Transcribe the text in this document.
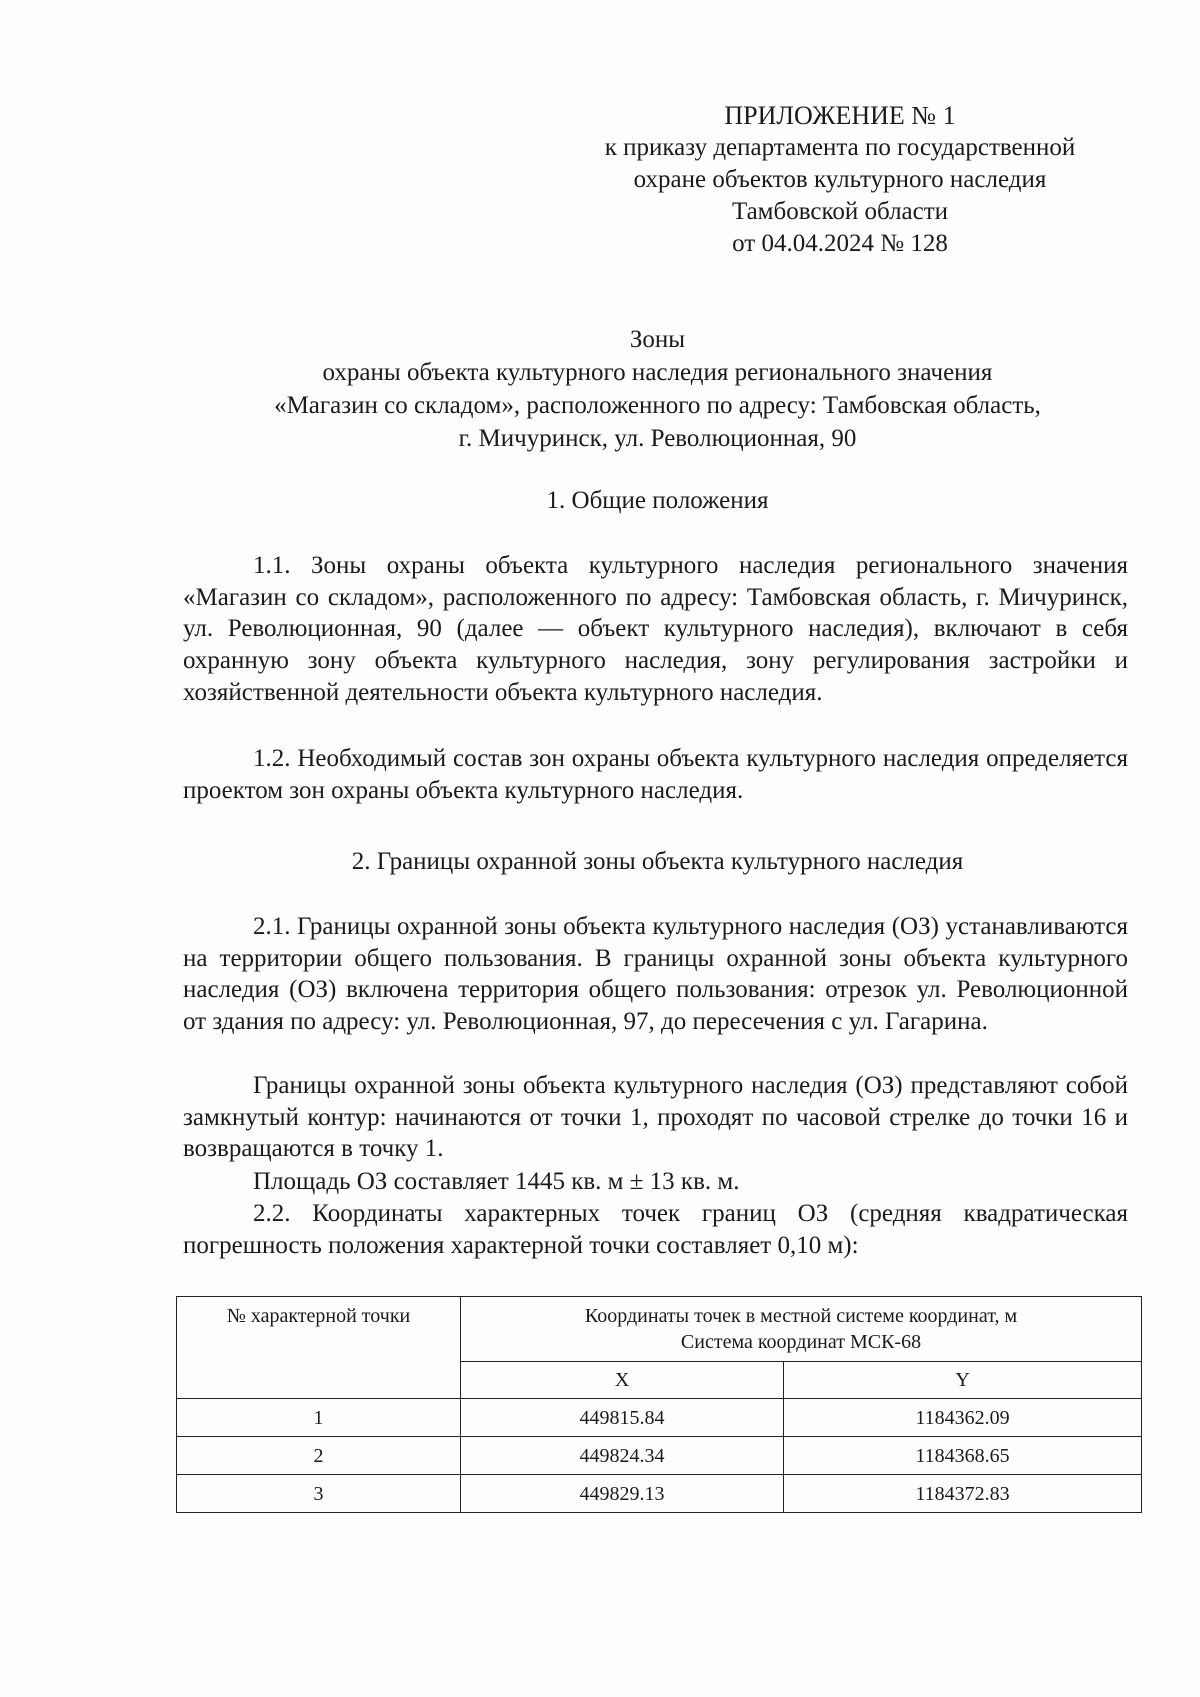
ПРИЛОЖЕНИЕ № 1
к приказу департамента по государственной
охране объектов культурного наследия
Тамбовской области
от 04.04.2024 № 128
Зоны
охраны объекта культурного наследия регионального значения
«Магазин со складом», расположенного по адресу: Тамбовская область,
г. Мичуринск, ул. Революционная, 90
1. Общие положения
1.1. Зоны охраны объекта культурного наследия регионального значения «Магазин со складом», расположенного по адресу: Тамбовская область, г. Мичуринск, ул. Революционная, 90 (далее — объект культурного наследия), включают в себя охранную зону объекта культурного наследия, зону регулирования застройки и хозяйственной деятельности объекта культурного наследия.
1.2. Необходимый состав зон охраны объекта культурного наследия определяется проектом зон охраны объекта культурного наследия.
2. Границы охранной зоны объекта культурного наследия
2.1. Границы охранной зоны объекта культурного наследия (ОЗ) устанавливаются на территории общего пользования. В границы охранной зоны объекта культурного наследия (ОЗ) включена территория общего пользования: отрезок ул. Революционной от здания по адресу: ул. Революционная, 97, до пересечения с ул. Гагарина.
Границы охранной зоны объекта культурного наследия (ОЗ) представляют собой замкнутый контур: начинаются от точки 1, проходят по часовой стрелке до точки 16 и возвращаются в точку 1.
Площадь ОЗ составляет 1445 кв. м ± 13 кв. м.
2.2. Координаты характерных точек границ ОЗ (средняя квадратическая погрешность положения характерной точки составляет 0,10 м):
№ характерной точки	Координаты точек в местной системе координат, м
Система координат МСК-68	

	X	Y
1	449815.84	1184362.09
2	449824.34	1184368.65
3	449829.13	1184372.83
